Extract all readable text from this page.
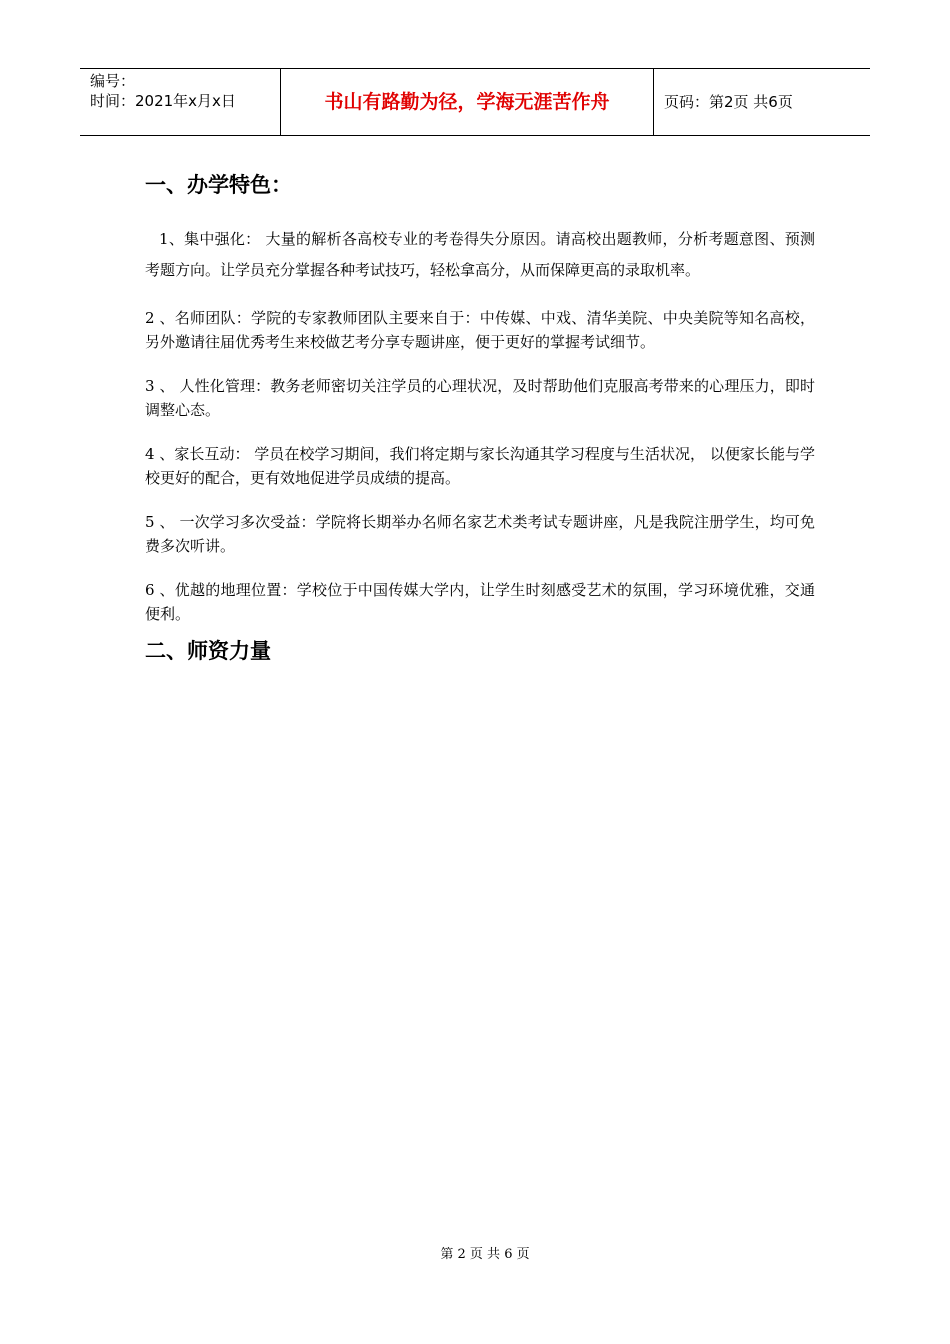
编号：
时间：2021年x月x日	书山有路勤为径，学海无涯苦作舟	页码：第2页 共6页
一、办学特色：

1、集中强化： 大量的解析各高校专业的考卷得失分原因。请高校出题教师，分析考题意图、预测考题方向。让学员充分掌握各种考试技巧，轻松拿高分，从而保障更高的录取机率。

2 、名师团队：学院的专家教师团队主要来自于：中传媒、中戏、清华美院、中央美院等知名高校，另外邀请往届优秀考生来校做艺考分享专题讲座，便于更好的掌握考试细节。

3 、 人性化管理：教务老师密切关注学员的心理状况，及时帮助他们克服高考带来的心理压力，即时调整心态。

4 、家长互动： 学员在校学习期间，我们将定期与家长沟通其学习程度与生活状况， 以便家长能与学校更好的配合，更有效地促进学员成绩的提高。

5 、 一次学习多次受益：学院将长期举办名师名家艺术类考试专题讲座，凡是我院注册学生，均可免费多次听讲。

6 、优越的地理位置：学校位于中国传媒大学内，让学生时刻感受艺术的氛围，学习环境优雅，交通便利。

二、师资力量
第 2 页 共 6 页
